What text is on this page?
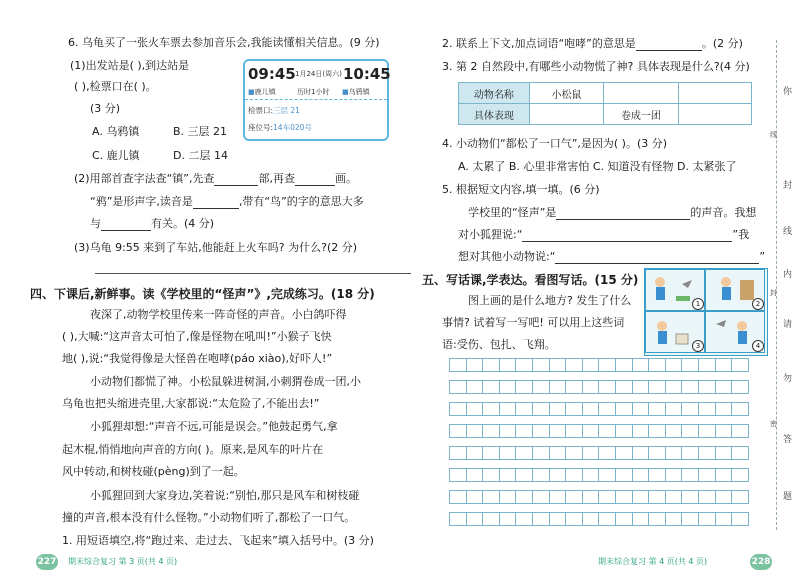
6. 乌龟买了一张火车票去参加音乐会,我能读懂相关信息。(9 分)
(1)出发站是( ),到达站是
( ),检票口在( )。
(3 分)
A. 乌鸦镇	B. 三层 21
C. 鹿儿镇	D. 二层 14
09:45 1月24日(周六) 10:45
■鹿儿镇	历时1小时 ■乌鸦镇
检票口:三层 21
座位号:14车020号
(2)用部首查字法查“镇”,先查	部,再查	画。
“鸦”是形声字,读音是	,带有“鸟”的字的意思大多
与	有关。(4 分)
(3)乌龟 9:55 来到了车站,他能赶上火车吗? 为什么?(2 分)
四、下课后,新鲜事。读《学校里的“怪声”》,完成练习。(18 分)
夜深了,动物学校里传来一阵奇怪的声音。小白鸽吓得
( ),大喊:“这声音太可怕了,像是怪物在吼叫!”小猴子飞快
地( ),说:“我觉得像是大怪兽在咆哮(páo xiào),好吓人!”
小动物们都慌了神。小松鼠躲进树洞,小刺猬卷成一团,小
乌龟也把头缩进壳里,大家都说:“太危险了,不能出去!”
小狐狸却想:“声音不远,可能是误会。”他鼓起勇气,拿
起木棍,悄悄地向声音的方向( )。原来,是风车的叶片在
风中转动,和树枝碰(pèng)到了一起。
小狐狸回到大家身边,笑着说:“别怕,那只是风车和树枝碰
撞的声音,根本没有什么怪物。”小动物们听了,都松了一口气。
1. 用短语填空,将“跑过来、走过去、飞起来”填入括号中。(3 分)
227 期末综合复习 第 3 页(共 4 页)
2. 联系上下文,加点词语“咆哮”的意思是	。(2 分)
3. 第 2 自然段中,有哪些小动物慌了神? 具体表现是什么?(4 分)
动物名称	小松鼠		
具体表现		卷成一团	
4. 小动物们“都松了一口气”,是因为( )。(3 分)
A. 太累了 B. 心里非常害怕 C. 知道没有怪物 D. 太紧张了
5. 根据短文内容,填一填。(6 分)
学校里的“怪声”是	的声音。我想
对小狐狸说:“	”我
想对其他小动物说:“	”
五、写话课,学表达。看图写话。(15 分)
图上画的是什么地方? 发生了什么
事情? 试着写一写吧! 可以用上这些词
语:受伤、包扎、飞翔。
228
期末综合复习 第 4 页(共 4 页)
1	2
3	4
你
封
线
内
请
勿
答
题
线
封
密
